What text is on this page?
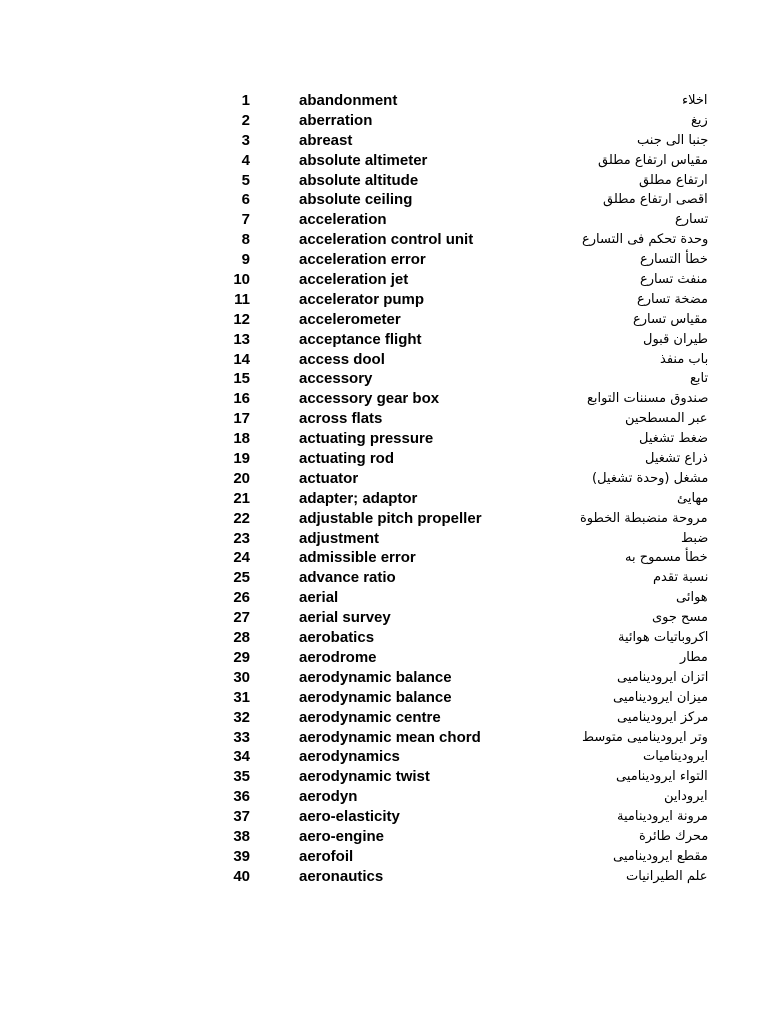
1	abandonment	اخلاء
2	aberration	زيغ
3	abreast	جنبا الى جنب
4	absolute altimeter	مقياس ارتفاع مطلق
5	absolute altitude	ارتفاع مطلق
6	absolute ceiling	اقصى ارتفاع مطلق
7	acceleration	تسارع
8	acceleration control unit	وحدة تحكم فى التسارع
9	acceleration error	خطأ التسارع
10	acceleration jet	منفث تسارع
11	accelerator pump	مضخة تسارع
12	accelerometer	مقياس تسارع
13	acceptance flight	طيران قبول
14	access dool	باب منفذ
15	accessory	تابع
16	accessory gear box	صندوق مسننات التوابع
17	across flats	عبر المسطحين
18	actuating pressure	ضغط تشغيل
19	actuating rod	ذراع تشغيل
20	actuator	مشغل (وحدة تشغيل)
21	adapter; adaptor	مهايئ
22	adjustable pitch propeller	مروحة منضبطة الخطوة
23	adjustment	ضبط
24	admissible error	خطأ مسموح به
25	advance ratio	نسبة تقدم
26	aerial	هوائى
27	aerial survey	مسح جوى
28	aerobatics	اكروباتيات هوائية
29	aerodrome	مطار
30	aerodynamic balance	اتزان ايروديناميى
31	aerodynamic balance	ميزان ايروديناميى
32	aerodynamic centre	مركز ايروديناميى
33	aerodynamic mean chord	وتر ايروديناميى متوسط
34	aerodynamics	ايروديناميات
35	aerodynamic twist	التواء ايروديناميى
36	aerodyn	ايروداين
37	aero-elasticity	مرونة ايرودينامية
38	aero-engine	محرك طائرة
39	aerofoil	مقطع ايروديناميى
40	aeronautics	علم الطيرانيات
